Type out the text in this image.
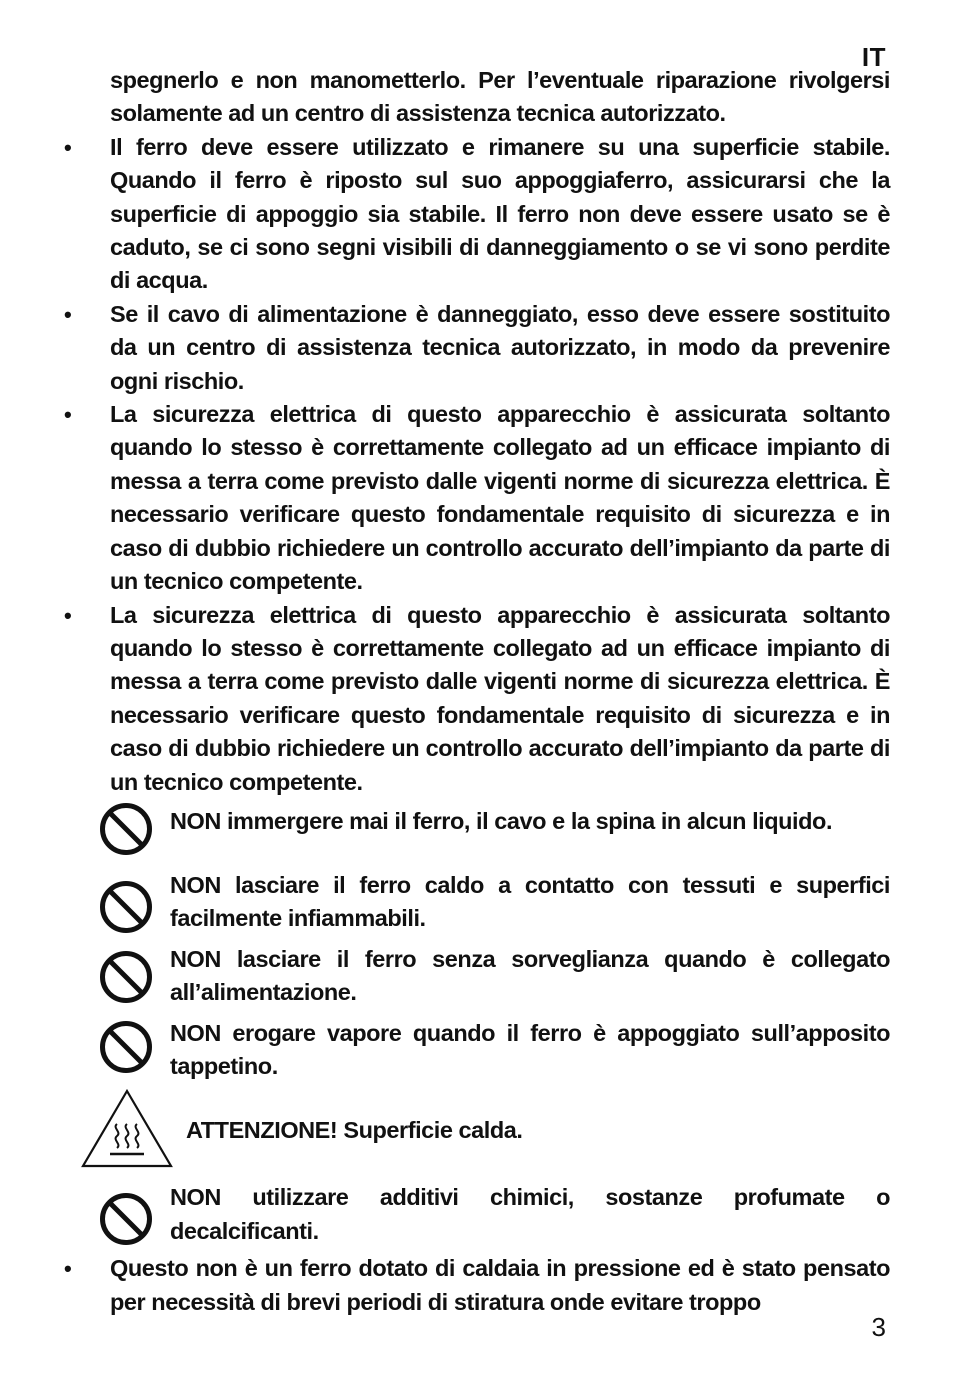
IT
spegnerlo e non manometterlo. Per l’eventuale riparazione rivolgersi solamente ad un centro di assistenza tecnica autorizzato.
•	Il ferro deve essere utilizzato e rimanere su una superficie stabile. Quando il ferro è riposto sul suo appoggiaferro, assicurarsi che la superficie di appoggio sia stabile. Il ferro non deve essere usato se è caduto, se ci sono segni visibili di danneggiamento o se vi sono perdite di acqua.
•	Se il cavo di alimentazione è danneggiato, esso deve essere sostituito da un centro di assistenza tecnica autorizzato, in modo da prevenire ogni rischio.
•	La sicurezza elettrica di questo apparecchio è assicurata soltanto quando lo stesso è correttamente collegato ad un efficace impianto di messa a terra come previsto dalle vigenti norme di sicurezza elettrica. È necessario verificare questo fondamentale requisito di sicurezza e in caso di dubbio richiedere un controllo accurato dell’impianto da parte di un tecnico competente.
•	La sicurezza elettrica di questo apparecchio è assicurata soltanto quando lo stesso è correttamente collegato ad un efficace impianto di messa a terra come previsto dalle vigenti norme di sicurezza elettrica. È necessario verificare questo fondamentale requisito di sicurezza e in caso di dubbio richiedere un controllo accurato dell’impianto da parte di un tecnico competente.
NON immergere mai il ferro, il cavo e la spina in alcun liquido.
NON lasciare il ferro caldo a contatto con tessuti e superfici facilmente infiammabili.
NON lasciare il ferro senza sorveglianza quando è collegato all’alimentazione.
NON erogare vapore quando il ferro è appoggiato sull’apposito tappetino.
ATTENZIONE! Superficie calda.
NON utilizzare additivi chimici, sostanze profumate o decalcificanti.
•	Questo non è un ferro dotato di caldaia in pressione ed è stato pensato per necessità di brevi periodi di stiratura onde evitare troppo
3
